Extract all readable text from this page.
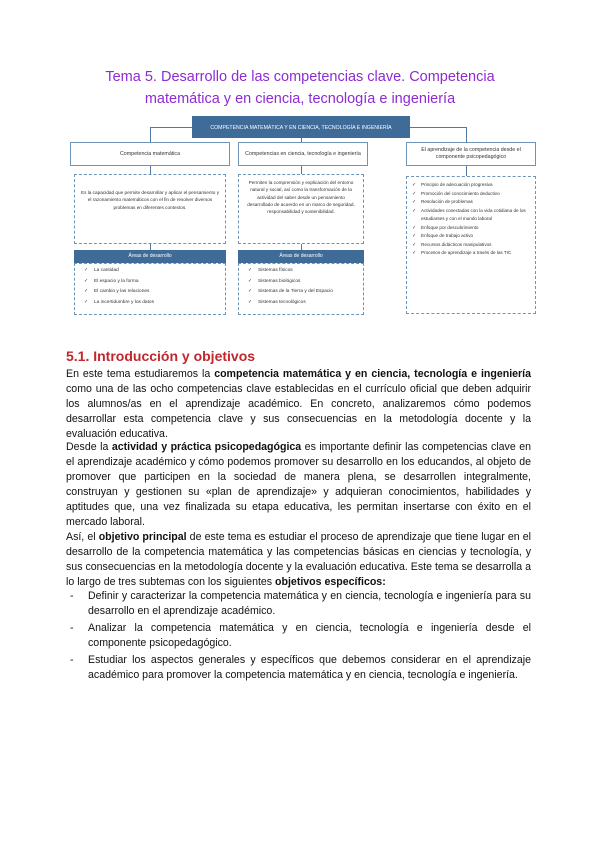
Tema 5. Desarrollo de las competencias clave. Competencia
matemática y en ciencia, tecnología e ingeniería
COMPETENCIA MATEMÁTICA Y EN CIENCIA, TECNOLOGÍA E INGENIERÍA
Competencia matemática
Es la capacidad que permite desarrollar y aplicar el pensamiento y el razonamiento matemáticos con el fin de resolver diversos problemas en diferentes contextos.
Áreas de desarrollo
✓ La cantidad
✓ El espacio y la forma
✓ El cambio y las relaciones
✓ La incertidumbre y los datos
Competencias en ciencia, tecnología e ingeniería
Permiten la comprensión y explicación del entorno natural y social, así como la transformación de la actividad del saber desde un pensamiento desarrollado de acuerdo en un marco de seguridad, responsabilidad y sostenibilidad.
Áreas de desarrollo
✓ Sistemas físicos
✓ Sistemas biológicos
✓ Sistemas de la Tierra y del Espacio
✓ Sistemas tecnológicos
El aprendizaje de la competencia desde el componente psicopedagógico
✓ Principio de adecuación progresiva
✓ Promoción del conocimiento deductivo
✓ Resolución de problemas
✓ Actividades conectadas con la vida cotidiana de los estudiantes y con el mundo laboral
✓ Enfoque por descubrimiento
✓ Enfoque de trabajo activo
✓ Recursos didácticos manipulativos
✓ Procesos de aprendizaje a través de las TIC
5.1. Introducción y objetivos
En este tema estudiaremos la competencia matemática y en ciencia, tecnología e ingeniería como una de las ocho competencias clave establecidas en el currículo oficial que deben adquirir los alumnos/as en el aprendizaje académico. En concreto, analizaremos cómo podemos desarrollar esta competencia clave y sus consecuencias en la metodología docente y la evaluación educativa.
Desde la actividad y práctica psicopedagógica es importante definir las competencias clave en el aprendizaje académico y cómo podemos promover su desarrollo en los educandos, al objeto de promover que participen en la sociedad de manera plena, se desarrollen integralmente, construyan y gestionen su «plan de aprendizaje» y adquieran conocimientos, habilidades y aptitudes que, una vez finalizada su etapa educativa, les permitan insertarse con éxito en el mercado laboral.
Así, el objetivo principal de este tema es estudiar el proceso de aprendizaje que tiene lugar en el desarrollo de la competencia matemática y las competencias básicas en ciencias y tecnología, y sus consecuencias en la metodología docente y la evaluación educativa. Este tema se desarrolla a lo largo de tres subtemas con los siguientes objetivos específicos:
- Definir y caracterizar la competencia matemática y en ciencia, tecnología e ingeniería para su desarrollo en el aprendizaje académico.
- Analizar la competencia matemática y en ciencia, tecnología e ingeniería desde el componente psicopedagógico.
- Estudiar los aspectos generales y específicos que debemos considerar en el aprendizaje académico para promover la competencia matemática y en ciencia, tecnología e ingeniería.
